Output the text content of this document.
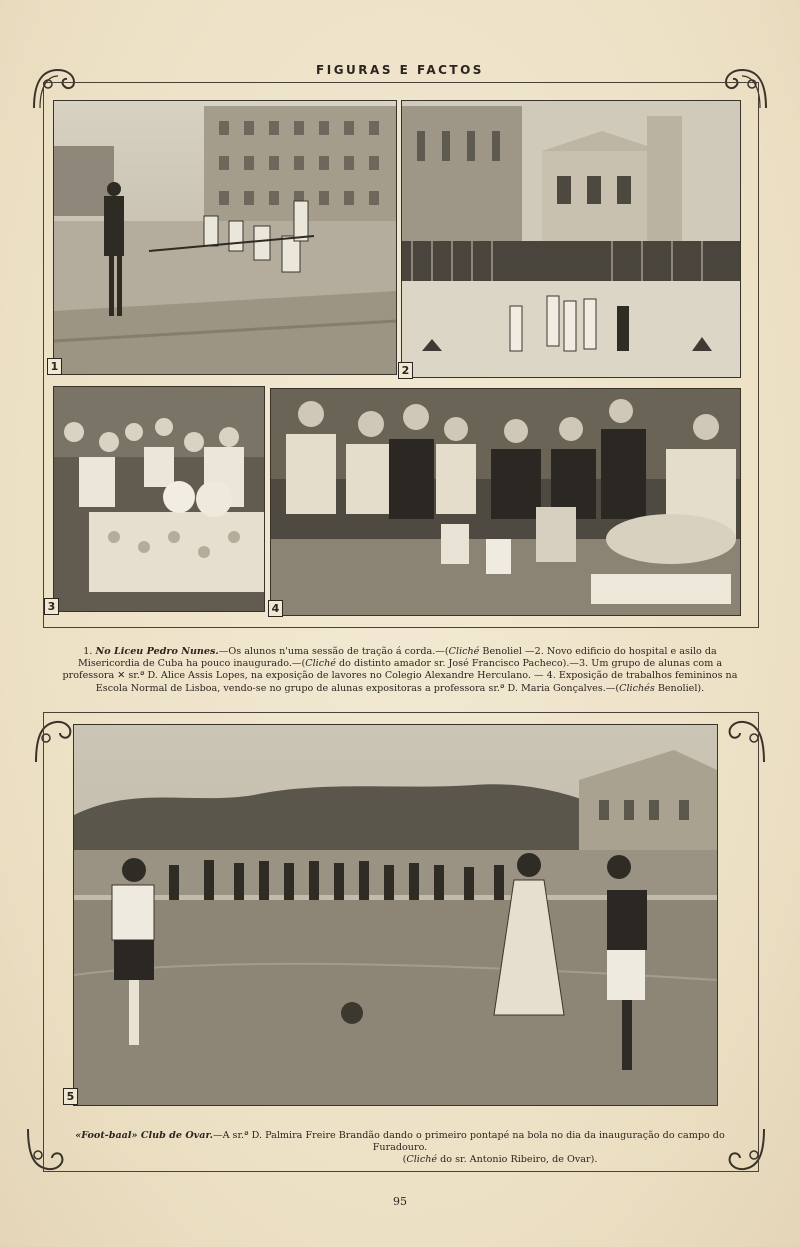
FIGURAS E FACTOS
1	2
3	4
1. No Liceu Pedro Nunes.—Os alunos n'uma sessão de tração á corda.—(Cliché Benoliel —2. Novo edificio do hospital e asilo da Misericordia de Cuba ha pouco inaugurado.—(Cliché do distinto amador sr. José Francisco Pacheco).—3. Um grupo de alunas com a professora ✕ sr.ª D. Alice Assis Lopes, na exposição de lavores no Colegio Alexandre Herculano. — 4. Exposição de trabalhos femininos na Escola Normal de Lisboa, vendo-se no grupo de alunas expositoras a professora sr.ª D. Maria Gonçalves.—(Clichés Benoliel).
5
«Foot-baal» Club de Ovar.—A sr.ª D. Palmira Freire Brandão dando o primeiro pontapé na bola no dia da inauguração do campo do Furadouro.
(Cliché do sr. Antonio Ribeiro, de Ovar).
95
